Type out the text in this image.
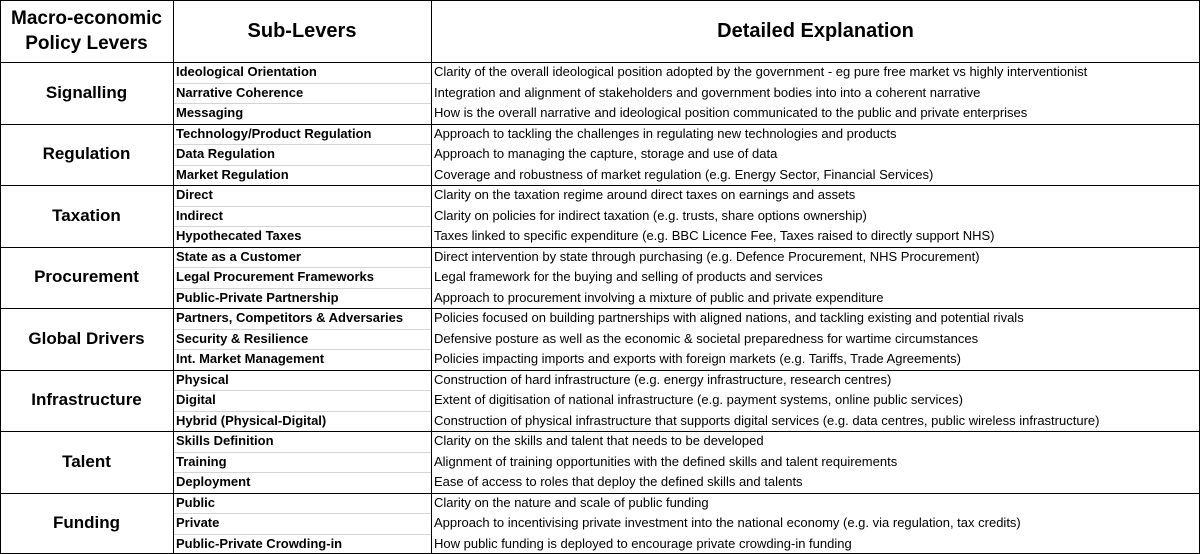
Macro-economic Policy Levers
Sub-Levers	Detailed Explanation
Signalling
Ideological Orientation	Clarity of the overall ideological position adopted by the government - eg pure free market vs highly interventionist
Narrative Coherence	Integration and alignment of stakeholders and government bodies into into a coherent narrative
Messaging	How is the overall narrative and ideological position communicated to the public and private enterprises
Regulation
Technology/Product Regulation	Approach to tackling the challenges in regulating new technologies and products
Data Regulation	Approach to managing the capture, storage and use of data
Market Regulation	Coverage and robustness of market regulation (e.g. Energy Sector, Financial Services)
Taxation
Direct	Clarity on the taxation regime around direct taxes on earnings and assets
Indirect	Clarity on policies for indirect taxation (e.g. trusts, share options ownership)
Hypothecated Taxes	Taxes linked to specific expenditure (e.g. BBC Licence Fee, Taxes raised to directly support NHS)
Procurement
State as a Customer	Direct intervention by state through purchasing (e.g. Defence Procurement, NHS Procurement)
Legal Procurement Frameworks	Legal framework for the buying and selling of products and services
Public-Private Partnership	Approach to procurement involving a mixture of public and private expenditure
Global Drivers
Partners, Competitors & Adversaries	Policies focused on building partnerships with aligned nations, and tackling existing and potential rivals
Security & Resilience	Defensive posture as well as the economic & societal preparedness for wartime circumstances
Int. Market Management	Policies impacting imports and exports with foreign markets (e.g. Tariffs, Trade Agreements)
Infrastructure
Physical	Construction of hard infrastructure (e.g. energy infrastructure, research centres)
Digital	Extent of digitisation of national infrastructure (e.g. payment systems, online public services)
Hybrid (Physical-Digital)	Construction of physical infrastructure that supports digital services (e.g. data centres, public wireless infrastructure)
Talent
Skills Definition	Clarity on the skills and talent that needs to be developed
Training	Alignment of training opportunities with the defined skills and talent requirements
Deployment	Ease of access to roles that deploy the defined skills and talents
Funding
Public	Clarity on the nature and scale of public funding
Private	Approach to incentivising private investment into the national economy (e.g. via regulation, tax credits)
Public-Private Crowding-in	How public funding is deployed to encourage private crowding-in funding
